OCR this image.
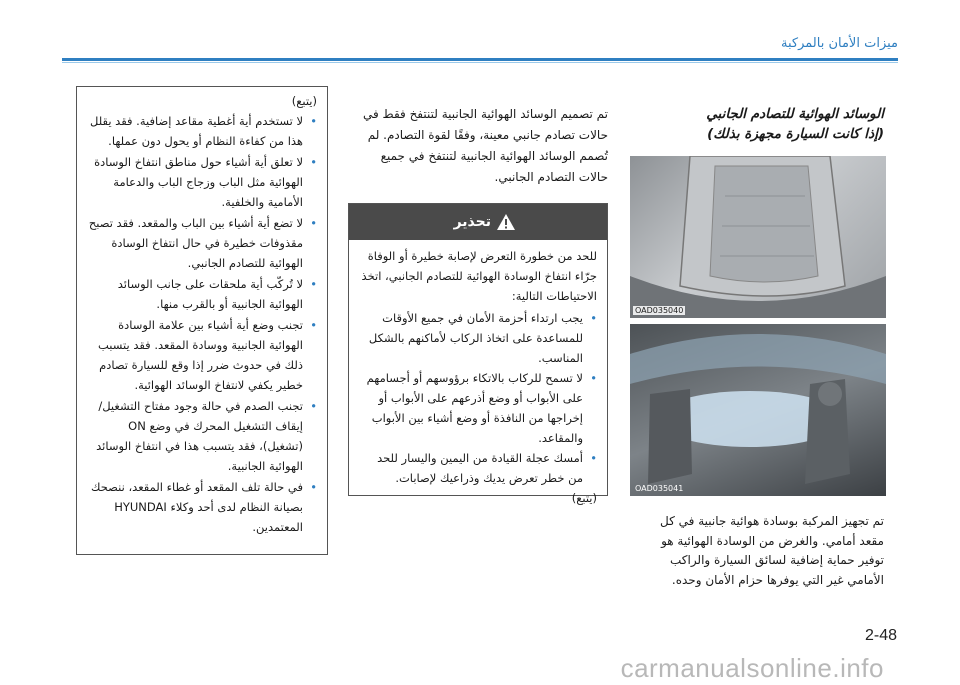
ميزات الأمان بالمركبة
الوسائد الهوائية للتصادم الجانبي
(إذا كانت السيارة مجهزة بذلك)
OAD035040
OAD035041

تم تجهيز المركبة بوسادة هوائية جانبية في كل مقعد أمامي. والغرض من الوسادة الهوائية هو توفير حماية إضافية لسائق السيارة والراكب الأمامي غير التي يوفرها حزام الأمان وحده.

تم تصميم الوسائد الهوائية الجانبية لتنتفخ فقط في حالات تصادم جانبي معينة، وفقًا لقوة التصادم. لم تُصمم الوسائد الهوائية الجانبية لتنتفخ في جميع حالات التصادم الجانبي.

تحذير
للحد من خطورة التعرض لإصابة خطيرة أو الوفاة جرّاء انتفاخ الوسادة الهوائية للتصادم الجانبي، اتخذ الاحتياطات التالية:
• يجب ارتداء أحزمة الأمان في جميع الأوقات للمساعدة على اتخاذ الركاب لأماكنهم بالشكل المناسب.
• لا تسمح للركاب بالاتكاء برؤوسهم أو أجسامهم على الأبواب أو وضع أذرعهم على الأبواب أو إخراجها من النافذة أو وضع أشياء بين الأبواب والمقاعد.
• أمسك عجلة القيادة من اليمين واليسار للحد من خطر تعرض يديك وذراعيك لإصابات.
(يتبع)
(يتبع)
• لا تستخدم أية أغطية مقاعد إضافية. فقد يقلل هذا من كفاءة النظام أو يحول دون عملها.
• لا تعلق أية أشياء حول مناطق انتفاخ الوسادة الهوائية مثل الباب وزجاج الباب والدعامة الأمامية والخلفية.
• لا تضع أية أشياء بين الباب والمقعد. فقد تصبح مقذوفات خطيرة في حال انتفاخ الوسادة الهوائية للتصادم الجانبي.
• لا تُركّب أية ملحقات على جانب الوسائد الهوائية الجانبية أو بالقرب منها.
• تجنب وضع أية أشياء بين علامة الوسادة الهوائية الجانبية ووسادة المقعد. فقد يتسبب ذلك في حدوث ضرر إذا وقع للسيارة تصادم خطير يكفي لانتفاخ الوسائد الهوائية.
• تجنب الصدم في حالة وجود مفتاح التشغيل/ إيقاف التشغيل المحرك في وضع ON (تشغيل)، فقد يتسبب هذا في انتفاخ الوسائد الهوائية الجانبية.
• في حالة تلف المقعد أو غطاء المقعد، ننصحك بصيانة النظام لدى أحد وكلاء HYUNDAI المعتمدين.
2-48
carmanualsonline.info
